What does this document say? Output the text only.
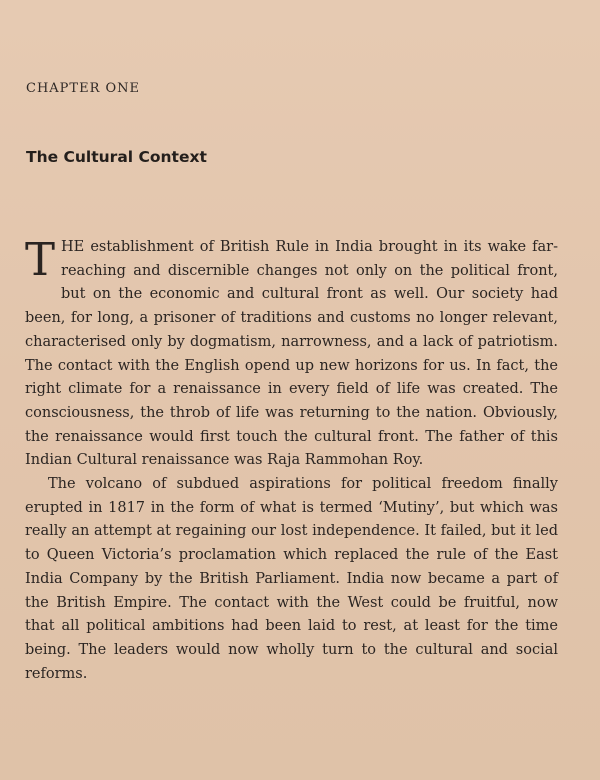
CHAPTER ONE
The Cultural Context

T HE establishment of British Rule in India brought in its wake far-reaching and discernible changes not only on the political front, but on the economic and cultural front as well. Our society had been, for long, a prisoner of traditions and customs no longer relevant, characterised only by dogmatism, narrowness, and a lack of patriotism. The contact with the English opend up new horizons for us. In fact, the right climate for a renaissance in every field of life was created. The consciousness, the throb of life was returning to the nation. Obviously, the renaissance would first touch the cultural front. The father of this Indian Cultural renaissance was Raja Rammohan Roy.

The volcano of subdued aspirations for political freedom finally erupted in 1817 in the form of what is termed ‘Mutiny’, but which was really an attempt at regaining our lost independence. It failed, but it led to Queen Victoria’s proclamation which replaced the rule of the East India Company by the British Parliament. India now became a part of the British Empire. The contact with the West could be fruitful, now that all political ambitions had been laid to rest, at least for the time being. The leaders would now wholly turn to the cultural and social reforms.
